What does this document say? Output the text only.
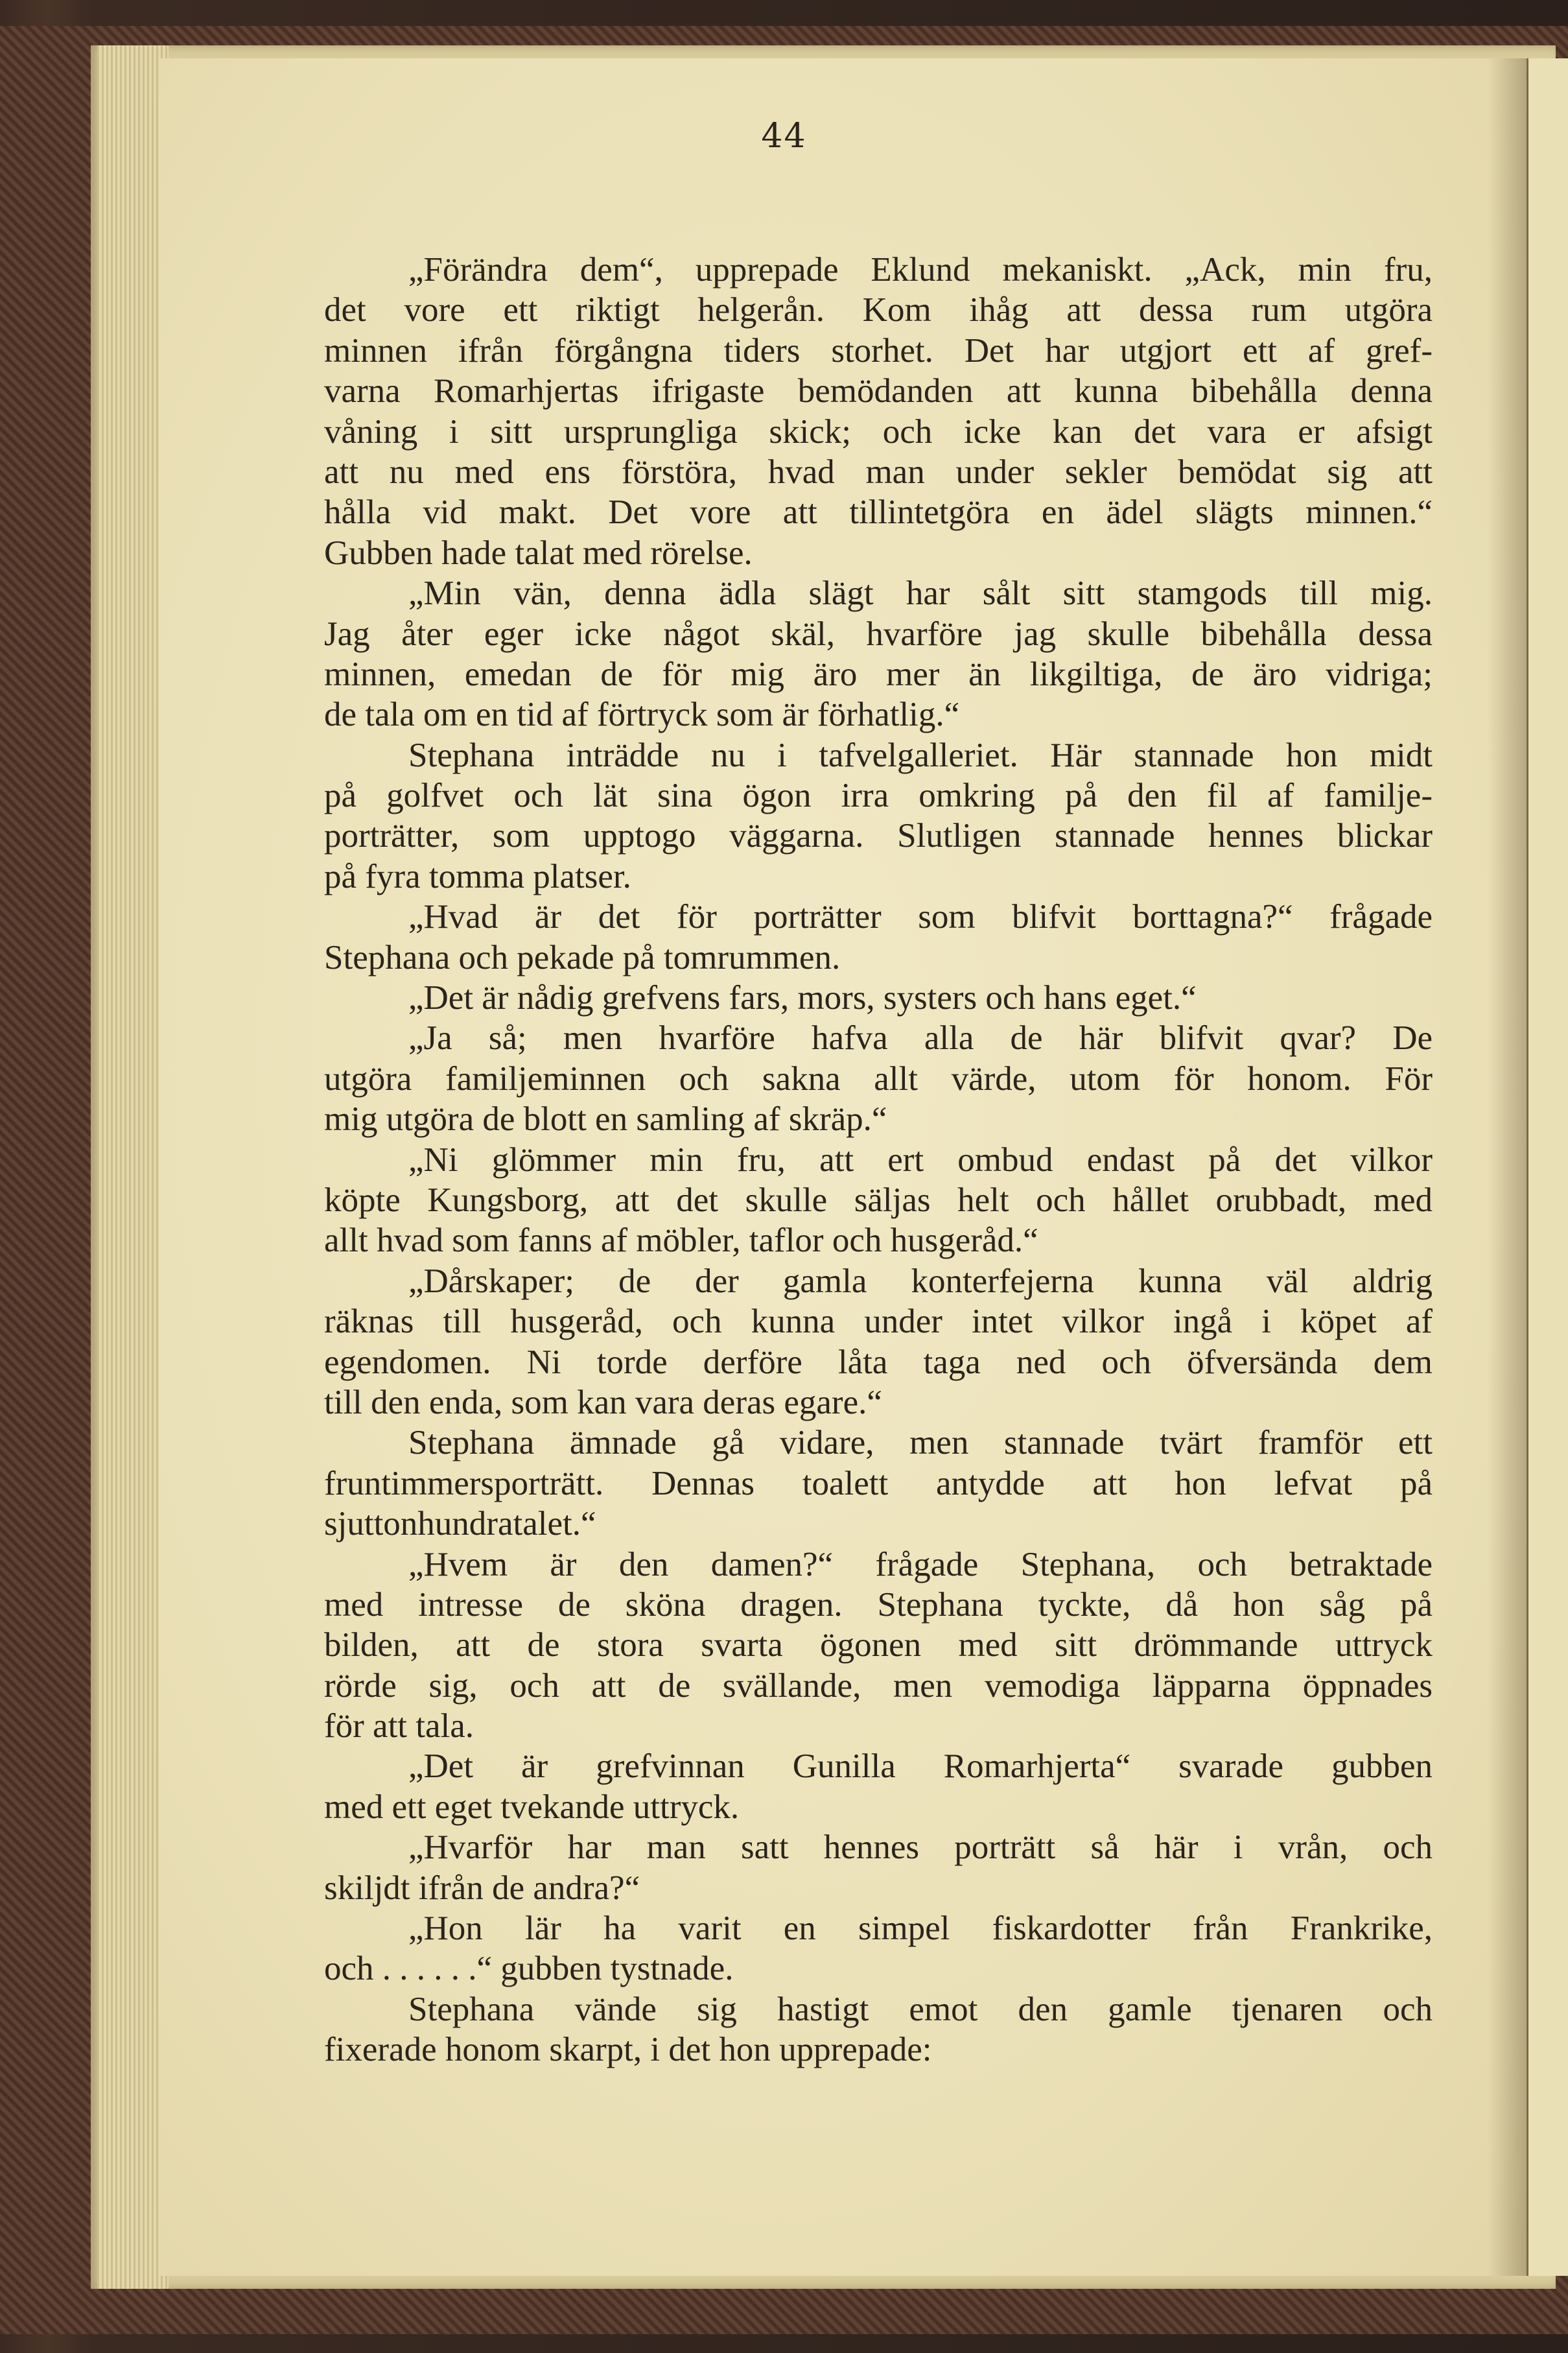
44
„Förändra dem“, upprepade Eklund mekaniskt. „Ack, min fru,
det vore ett riktigt helgerån. Kom ihåg att dessa rum utgöra
minnen ifrån förgångna tiders storhet. Det har utgjort ett af gref-
varna Romarhjertas ifrigaste bemödanden att kunna bibehålla denna
våning i sitt ursprungliga skick; och icke kan det vara er afsigt
att nu med ens förstöra, hvad man under sekler bemödat sig att
hålla vid makt. Det vore att tillintetgöra en ädel slägts minnen.“
Gubben hade talat med rörelse.
„Min vän, denna ädla slägt har sålt sitt stamgods till mig.
Jag åter eger icke något skäl, hvarföre jag skulle bibehålla dessa
minnen, emedan de för mig äro mer än likgiltiga, de äro vidriga;
de tala om en tid af förtryck som är förhatlig.“
Stephana inträdde nu i tafvelgalleriet. Här stannade hon midt
på golfvet och lät sina ögon irra omkring på den fil af familje-
porträtter, som upptogo väggarna. Slutligen stannade hennes blickar
på fyra tomma platser.
„Hvad är det för porträtter som blifvit borttagna?“ frågade
Stephana och pekade på tomrummen.
„Det är nådig grefvens fars, mors, systers och hans eget.“
„Ja så; men hvarföre hafva alla de här blifvit qvar? De
utgöra familjeminnen och sakna allt värde, utom för honom. För
mig utgöra de blott en samling af skräp.“
„Ni glömmer min fru, att ert ombud endast på det vilkor
köpte Kungsborg, att det skulle säljas helt och hållet orubbadt, med
allt hvad som fanns af möbler, taflor och husgeråd.“
„Dårskaper; de der gamla konterfejerna kunna väl aldrig
räknas till husgeråd, och kunna under intet vilkor ingå i köpet af
egendomen. Ni torde derföre låta taga ned och öfversända dem
till den enda, som kan vara deras egare.“
Stephana ämnade gå vidare, men stannade tvärt framför ett
fruntimmersporträtt. Dennas toalett antydde att hon lefvat på
sjuttonhundratalet.“
„Hvem är den damen?“ frågade Stephana, och betraktade
med intresse de sköna dragen. Stephana tyckte, då hon såg på
bilden, att de stora svarta ögonen med sitt drömmande uttryck
rörde sig, och att de svällande, men vemodiga läpparna öppnades
för att tala.
„Det är grefvinnan Gunilla Romarhjerta“ svarade gubben
med ett eget tvekande uttryck.
„Hvarför har man satt hennes porträtt så här i vrån, och
skiljdt ifrån de andra?“
„Hon lär ha varit en simpel fiskardotter från Frankrike,
och . . . . . .“ gubben tystnade.
Stephana vände sig hastigt emot den gamle tjenaren och
fixerade honom skarpt, i det hon upprepade:
